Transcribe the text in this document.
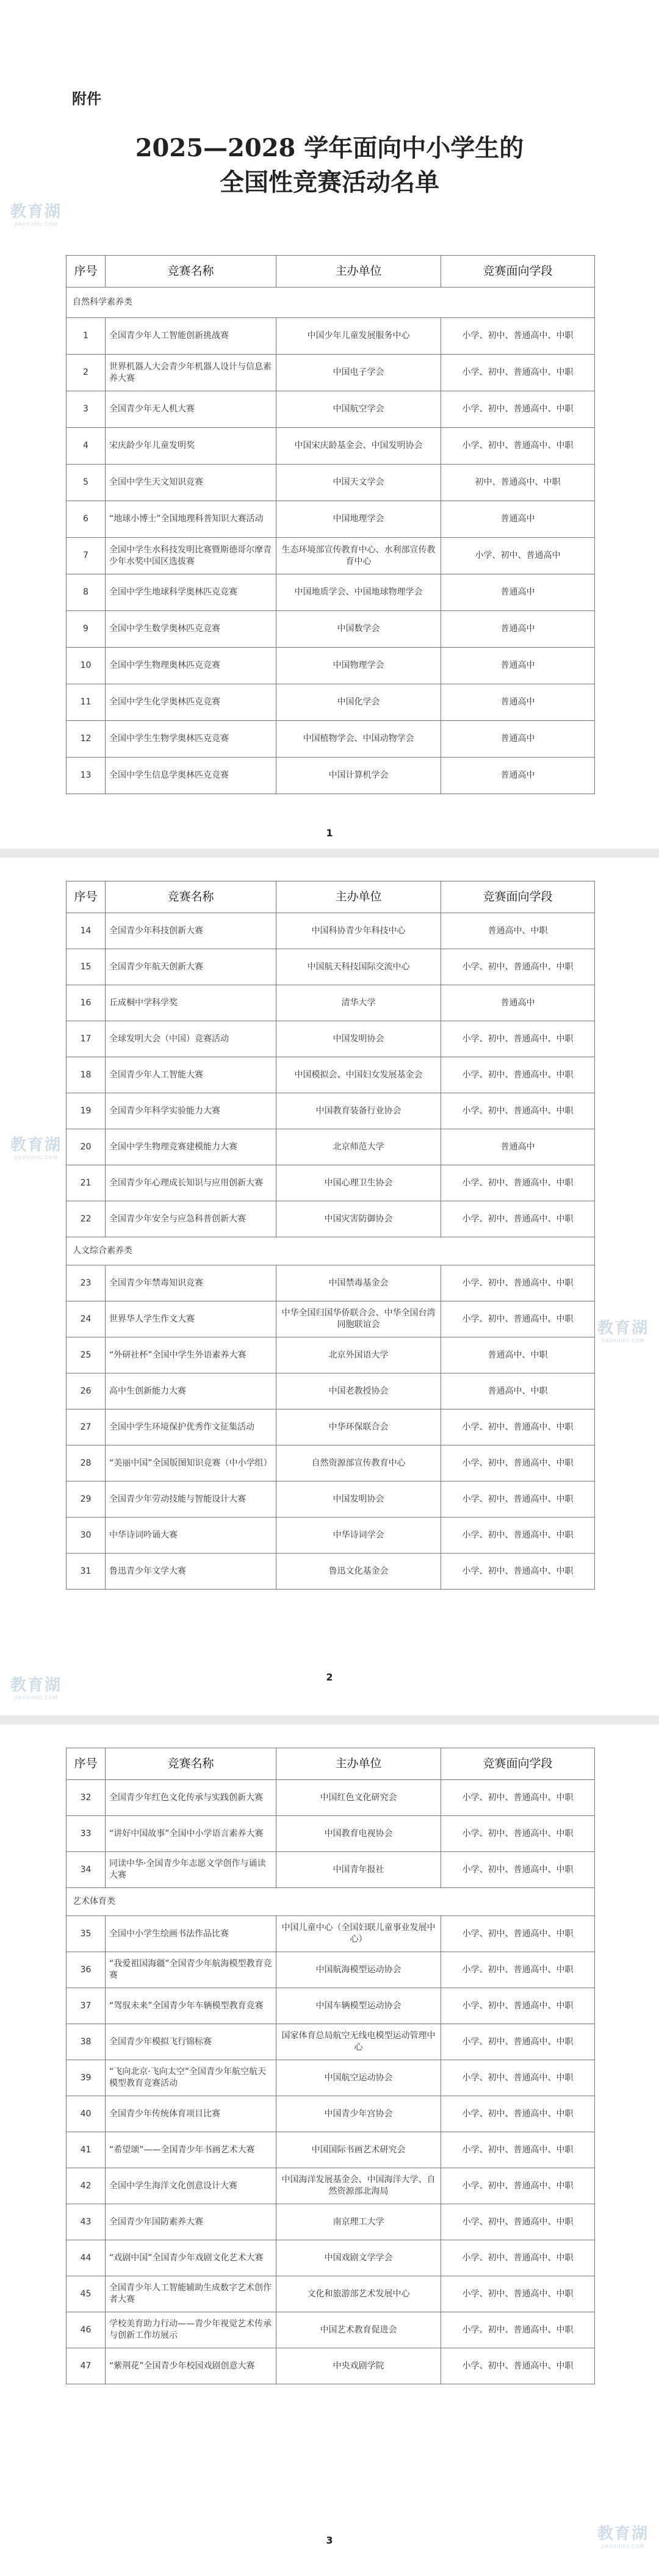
附件
2025—2028 学年面向中小学生的
全国性竞赛活动名单
序号	竞赛名称	主办单位	竞赛面向学段
自然科学素养类			
1	全国青少年人工智能创新挑战赛	中国少年儿童发展服务中心	小学、初中、普通高中、中职
2	世界机器人大会青少年机器人设计与信息素养大赛	中国电子学会	小学、初中、普通高中、中职
3	全国青少年无人机大赛	中国航空学会	小学、初中、普通高中、中职
4	宋庆龄少年儿童发明奖	中国宋庆龄基金会、中国发明协会	小学、初中、普通高中、中职
5	全国中学生天文知识竞赛	中国天文学会	初中、普通高中、中职
6	“地球小博士”全国地理科普知识大赛活动	中国地理学会	普通高中
7	全国中学生水科技发明比赛暨斯德哥尔摩青少年水奖中国区选拔赛	生态环境部宣传教育中心、水利部宣传教育中心	小学、初中、普通高中
8	全国中学生地球科学奥林匹克竞赛	中国地质学会、中国地球物理学会	普通高中
9	全国中学生数学奥林匹克竞赛	中国数学会	普通高中
10	全国中学生物理奥林匹克竞赛	中国物理学会	普通高中
11	全国中学生化学奥林匹克竞赛	中国化学会	普通高中
12	全国中学生生物学奥林匹克竞赛	中国植物学会、中国动物学会	普通高中
13	全国中学生信息学奥林匹克竞赛	中国计算机学会	普通高中
1
序号	竞赛名称	主办单位	竞赛面向学段
14	全国青少年科技创新大赛	中国科协青少年科技中心	普通高中、中职
15	全国青少年航天创新大赛	中国航天科技国际交流中心	小学、初中、普通高中、中职
16	丘成桐中学科学奖	清华大学	普通高中
17	全球发明大会（中国）竞赛活动	中国发明协会	小学、初中、普通高中、中职
18	全国青少年人工智能大赛	中国模拟会、中国妇女发展基金会	小学、初中、普通高中、中职
19	全国青少年科学实验能力大赛	中国教育装备行业协会	小学、初中、普通高中、中职
20	全国中学生物理竞赛建模能力大赛	北京师范大学	普通高中
21	全国青少年心理成长知识与应用创新大赛	中国心理卫生协会	小学、初中、普通高中、中职
22	全国青少年安全与应急科普创新大赛	中国灾害防御协会	小学、初中、普通高中、中职
人文综合素养类			
23	全国青少年禁毒知识竞赛	中国禁毒基金会	小学、初中、普通高中、中职
24	世界华人学生作文大赛	中华全国归国华侨联合会、中华全国台湾同胞联谊会	小学、初中、普通高中、中职
25	“外研社杯”全国中学生外语素养大赛	北京外国语大学	普通高中、中职
26	高中生创新能力大赛	中国老教授协会	普通高中、中职
27	全国中学生环境保护优秀作文征集活动	中华环保联合会	小学、初中、普通高中、中职
28	“美丽中国”全国版图知识竞赛（中小学组）	自然资源部宣传教育中心	小学、初中、普通高中、中职
29	全国青少年劳动技能与智能设计大赛	中国发明协会	小学、初中、普通高中、中职
30	中华诗词吟诵大赛	中华诗词学会	小学、初中、普通高中、中职
31	鲁迅青少年文学大赛	鲁迅文化基金会	小学、初中、普通高中、中职
2
序号	竞赛名称	主办单位	竞赛面向学段
32	全国青少年红色文化传承与实践创新大赛	中国红色文化研究会	小学、初中、普通高中、中职
33	“讲好中国故事”全国中小学语言素养大赛	中国教育电视协会	小学、初中、普通高中、中职
34	同读中华·全国青少年志愿文学创作与诵读大赛	中国青年报社	小学、初中、普通高中、中职
艺术体育类			
35	全国中小学生绘画书法作品比赛	中国儿童中心（全国妇联儿童事业发展中心）	小学、初中、普通高中、中职
36	“我爱祖国海疆”全国青少年航海模型教育竞赛	中国航海模型运动协会	小学、初中、普通高中、中职
37	“驾驭未来”全国青少年车辆模型教育竞赛	中国车辆模型运动协会	小学、初中、普通高中、中职
38	全国青少年模拟飞行锦标赛	国家体育总局航空无线电模型运动管理中心	小学、初中、普通高中、中职
39	“飞向北京·飞向太空”全国青少年航空航天模型教育竞赛活动	中国航空运动协会	小学、初中、普通高中、中职
40	全国青少年传统体育项目比赛	中国青少年宫协会	小学、初中、普通高中、中职
41	“希望颂”——全国青少年书画艺术大赛	中国国际书画艺术研究会	小学、初中、普通高中、中职
42	全国中学生海洋文化创意设计大赛	中国海洋发展基金会、中国海洋大学、自然资源部北海局	小学、初中、普通高中、中职
43	全国青少年国防素养大赛	南京理工大学	小学、初中、普通高中、中职
44	“戏剧中国”全国青少年戏剧文化艺术大赛	中国戏剧文学学会	小学、初中、普通高中、中职
45	全国青少年人工智能辅助生成数字艺术创作者大赛	文化和旅游部艺术发展中心	小学、初中、普通高中、中职
46	学校美育助力行动——青少年视觉艺术传承与创新工作坊展示	中国艺术教育促进会	小学、初中、普通高中、中职
47	“紫荆花”全国青少年校园戏剧创意大赛	中央戏剧学院	小学、初中、普通高中、中职
3
教育湖
JIAOYUHU.COM
教育湖
JIAOYUHU.COM
教育湖
JIAOYUHU.COM
教育湖
JIAOYUHU.COM
教育湖
JIAOYUHU.COM
